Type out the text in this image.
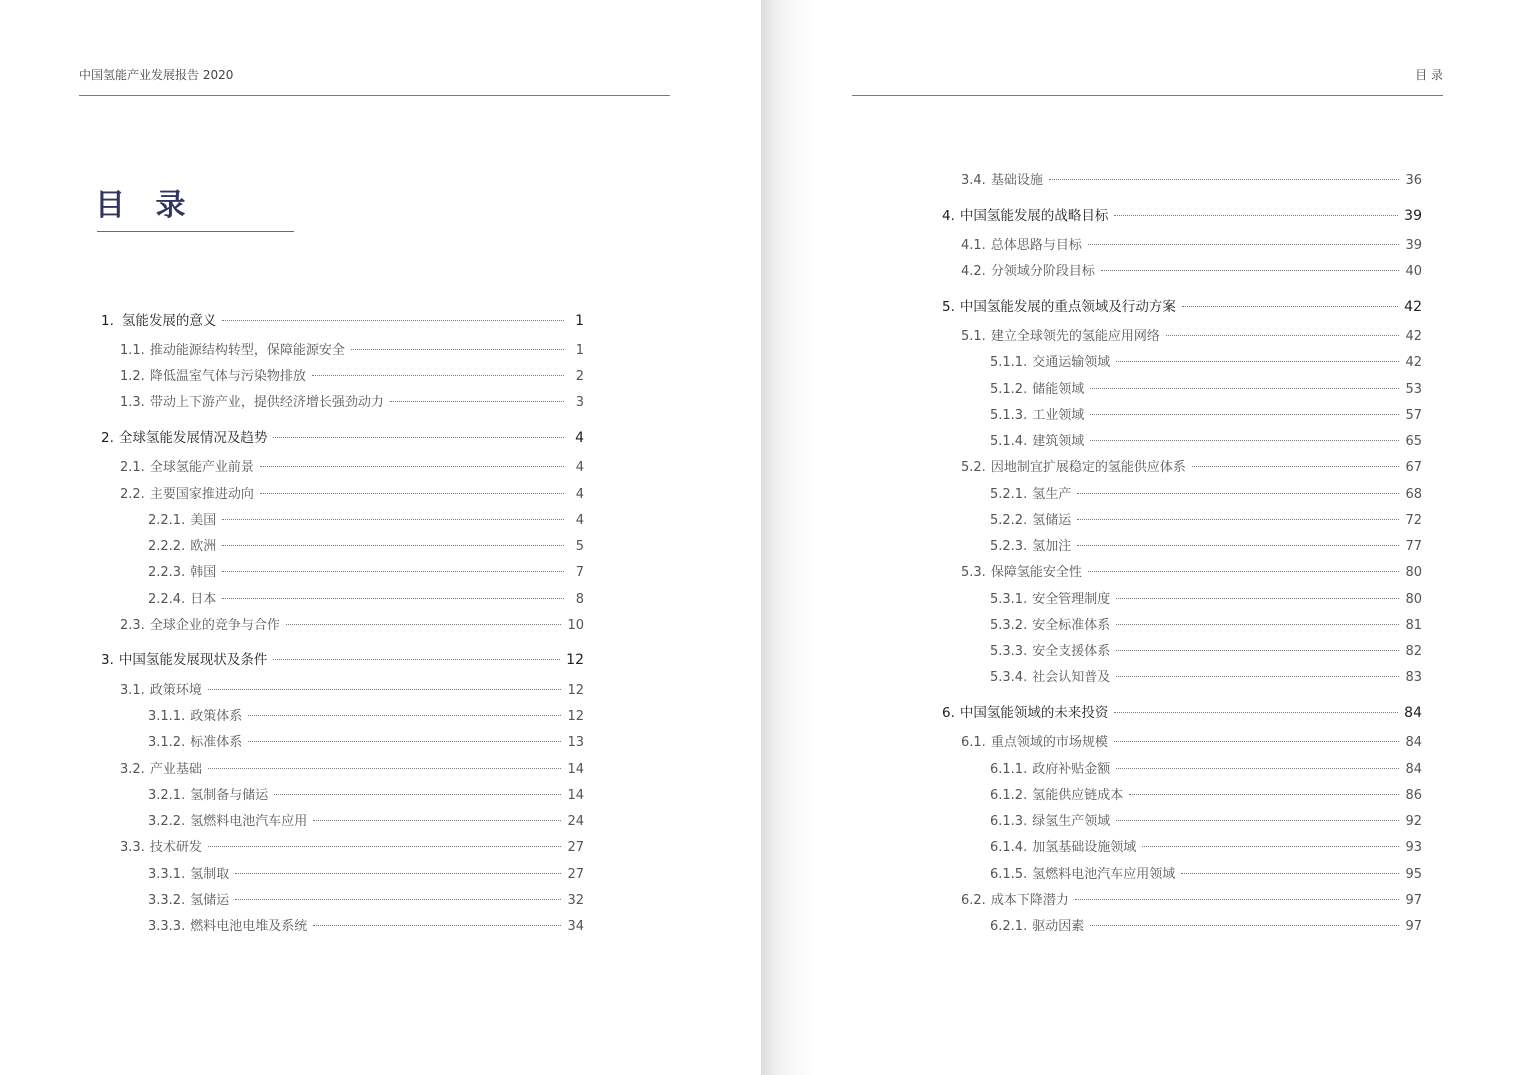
中国氢能产业发展报告 2020
目 录
1. 氢能发展的意义	1
1.1. 推动能源结构转型，保障能源安全	1
1.2. 降低温室气体与污染物排放	2
1.3. 带动上下游产业，提供经济增长强劲动力	3
2. 全球氢能发展情况及趋势	4
2.1. 全球氢能产业前景	4
2.2. 主要国家推进动向	4
2.2.1. 美国	4
2.2.2. 欧洲	5
2.2.3. 韩国	7
2.2.4. 日本	8
2.3. 全球企业的竞争与合作	10
3. 中国氢能发展现状及条件	12
3.1. 政策环境	12
3.1.1. 政策体系	12
3.1.2. 标准体系	13
3.2. 产业基础	14
3.2.1. 氢制备与储运	14
3.2.2. 氢燃料电池汽车应用	24
3.3. 技术研发	27
3.3.1. 氢制取	27
3.3.2. 氢储运	32
3.3.3. 燃料电池电堆及系统	34
目 录
3.4. 基础设施	36
4. 中国氢能发展的战略目标	39
4.1. 总体思路与目标	39
4.2. 分领域分阶段目标	40
5. 中国氢能发展的重点领域及行动方案	42
5.1. 建立全球领先的氢能应用网络	42
5.1.1. 交通运输领域	42
5.1.2. 储能领域	53
5.1.3. 工业领域	57
5.1.4. 建筑领域	65
5.2. 因地制宜扩展稳定的氢能供应体系	67
5.2.1. 氢生产	68
5.2.2. 氢储运	72
5.2.3. 氢加注	77
5.3. 保障氢能安全性	80
5.3.1. 安全管理制度	80
5.3.2. 安全标准体系	81
5.3.3. 安全支援体系	82
5.3.4. 社会认知普及	83
6. 中国氢能领域的未来投资	84
6.1. 重点领域的市场规模	84
6.1.1. 政府补贴金额	84
6.1.2. 氢能供应链成本	86
6.1.3. 绿氢生产领域	92
6.1.4. 加氢基础设施领域	93
6.1.5. 氢燃料电池汽车应用领域	95
6.2. 成本下降潜力	97
6.2.1. 驱动因素	97
